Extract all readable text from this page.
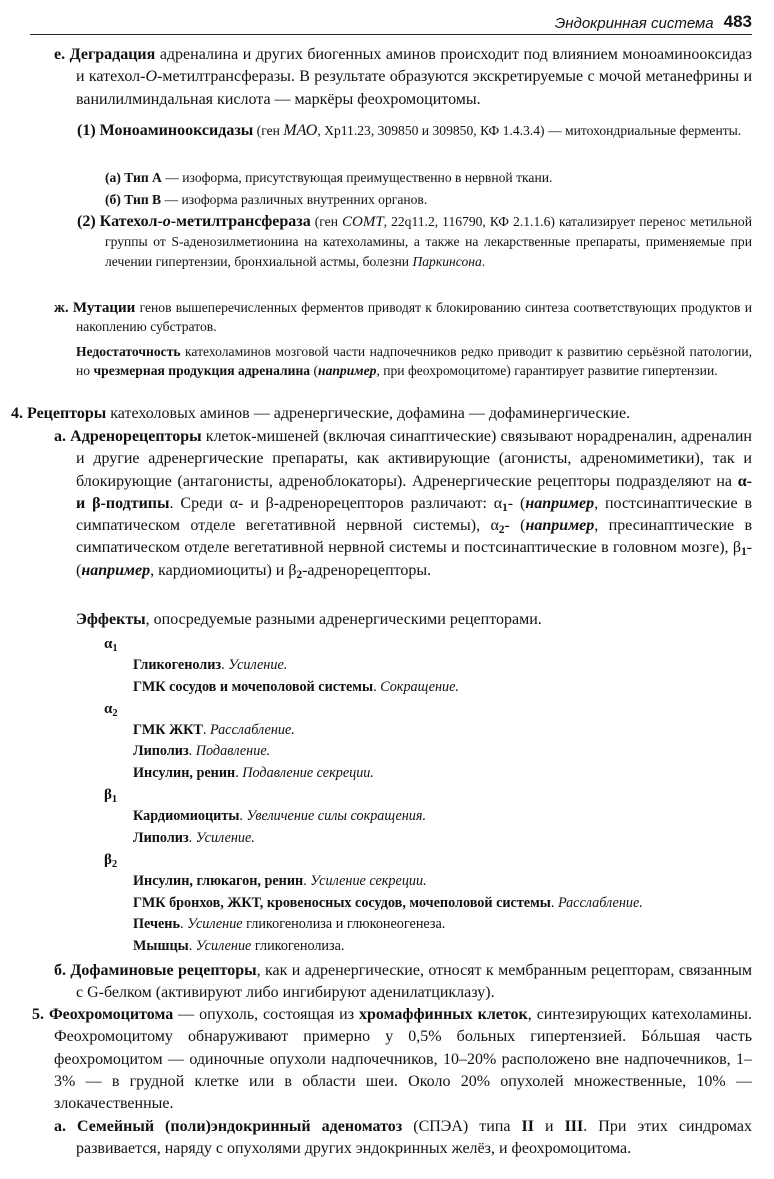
Эндокринная система 483
е. Деградация адреналина и других биогенных аминов происходит под влиянием моноаминооксидаз и катехол-О-метилтрансферазы. В результате образуются экскретируемые с мочой метанефрины и ванилилминдальная кислота — маркёры феохромоцитомы.
(1) Моноаминооксидазы (ген МАО, Хр11.23, 309850 и 309850, КФ 1.4.3.4) — митохондриальные ферменты.
(а) Тип А — изоформа, присутствующая преимущественно в нервной ткани.
(б) Тип В — изоформа различных внутренних органов.
(2) Катехол-о-метилтрансфераза (ген COMT, 22q11.2, 116790, КФ 2.1.1.6) катализирует перенос метильной группы от S-аденозилметионина на катехоламины, а также на лекарственные препараты, применяемые при лечении гипертензии, бронхиальной астмы, болезни Паркинсона.
ж. Мутации генов вышеперечисленных ферментов приводят к блокированию синтеза соответствующих продуктов и накоплению субстратов.
Недостаточность катехоламинов мозговой части надпочечников редко приводит к развитию серьёзной патологии, но чрезмерная продукция адреналина (например, при феохромоцитоме) гарантирует развитие гипертензии.
4. Рецепторы катехоловых аминов — адренергические, дофамина — дофаминергические.
а. Адренорецепторы клеток-мишеней (включая синаптические) связывают норадреналин, адреналин и другие адренергические препараты, как активирующие (агонисты, адреномиметики), так и блокирующие (антагонисты, адреноблокаторы). Адренергические рецепторы подразделяют на α- и β-подтипы. Среди α- и β-адренорецепторов различают: $\alpha_1-$ (например, постсинаптические в симпатическом отделе вегетативной нервной системы), $\alpha_2-$ (например, пресинаптические в симпатическом отделе вегетативной нервной системы и постсинаптические в головном мозге), $\beta_1-$ (например, кардиомиоциты) и $\beta_2$-адренорецепторы.
Эффекты, опосредуемые разными адренергическими рецепторами.
$\alpha_1$
Гликогенолиз. Усиление.
ГМК сосудов и мочеполовой системы. Сокращение.
$\alpha_2$
ГМК ЖКТ. Расслабление.
Липолиз. Подавление.
Инсулин, ренин. Подавление секреции.
$\beta_1$
Кардиомиоциты. Увеличение силы сокращения.
Липолиз. Усиление.
$\beta_2$
Инсулин, глюкагон, ренин. Усиление секреции.
ГМК бронхов, ЖКТ, кровеносных сосудов, мочеполовой системы. Расслабление.
Печень. Усиление гликогенолиза и глюконеогенеза.
Мышцы. Усиление гликогенолиза.
б. Дофаминовые рецепторы, как и адренергические, относят к мембранным рецепторам, связанным с G-белком (активируют либо ингибируют аденилатциклазу).
5. Феохромоцитома — опухоль, состоящая из хромаффинных клеток, синтезирующих катехоламины. Феохромоцитому обнаруживают примерно у 0,5% больных гипертензией. Бóльшая часть феохромоцитом — одиночные опухоли надпочечников, 10–20% расположено вне надпочечников, 1–3% — в грудной клетке или в области шеи. Около 20% опухолей множественные, 10% — злокачественные.
а. Семейный (поли)эндокринный аденоматоз (СПЭА) типа II и III. При этих синдромах развивается, наряду с опухолями других эндокринных желёз, и феохромоцитома.
